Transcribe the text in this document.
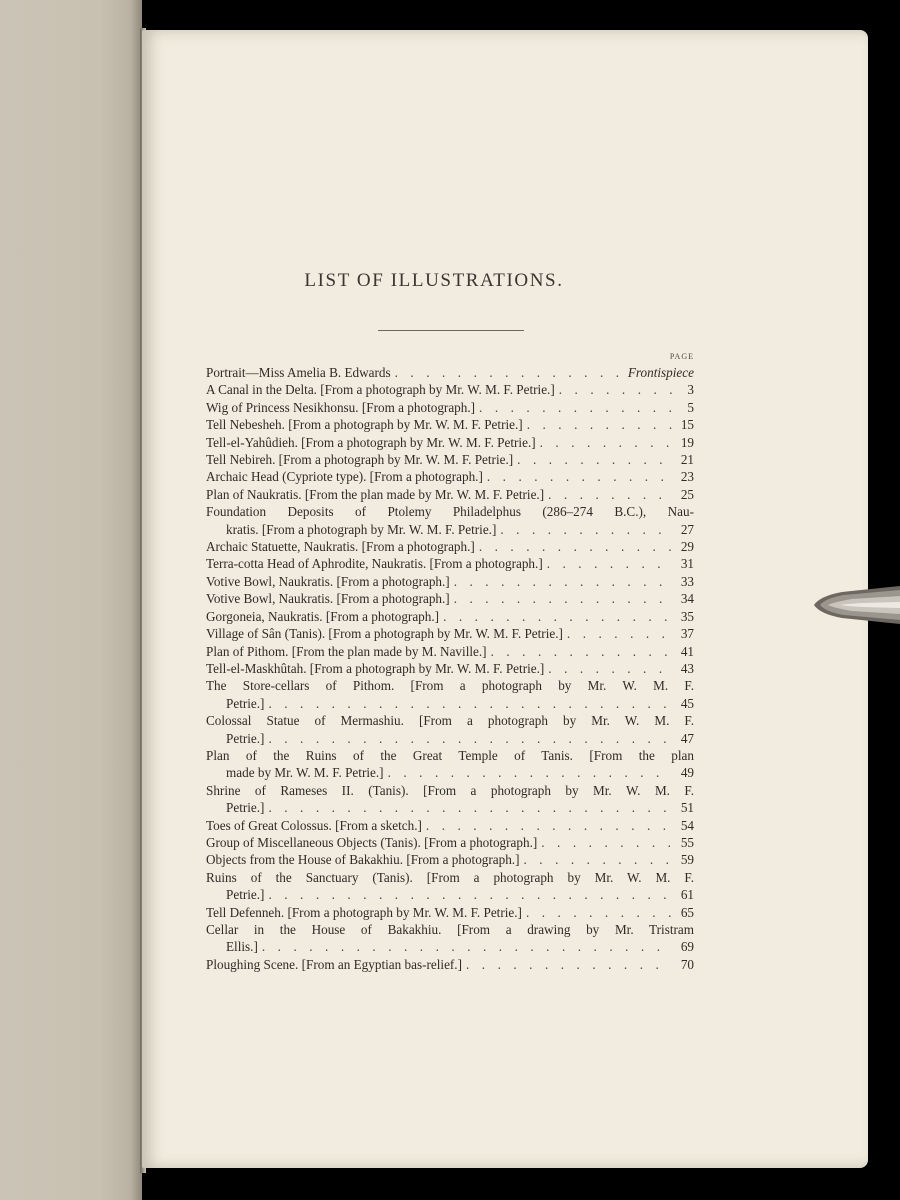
LIST OF ILLUSTRATIONS.
PAGE
Portrait—Miss Amelia B. Edwards . . .	Frontispiece
A Canal in the Delta. [From a photograph by Mr. W. M. F. Petrie.] . . .	3
Wig of Princess Nesikhonsu. [From a photograph.] . . .	5
Tell Nebesheh. [From a photograph by Mr. W. M. F. Petrie.] . . .	15
Tell-el-Yahûdieh. [From a photograph by Mr. W. M. F. Petrie.] . . .	19
Tell Nebireh. [From a photograph by Mr. W. M. F. Petrie.] . . .	21
Archaic Head (Cypriote type). [From a photograph.] . . .	23
Plan of Naukratis. [From the plan made by Mr. W. M. F. Petrie.] . . .	25
Foundation Deposits of Ptolemy Philadelphus (286–274 B.C.), Nau-
kratis. [From a photograph by Mr. W. M. F. Petrie.] . . .	27
Archaic Statuette, Naukratis. [From a photograph.] . . .	29
Terra-cotta Head of Aphrodite, Naukratis. [From a photograph.] . . .	31
Votive Bowl, Naukratis. [From a photograph.] . . .	33
Votive Bowl, Naukratis. [From a photograph.] . . .	34
Gorgoneia, Naukratis. [From a photograph.] . . .	35
Village of Sân (Tanis). [From a photograph by Mr. W. M. F. Petrie.] . . .	37
Plan of Pithom. [From the plan made by M. Naville.] . . .	41
Tell-el-Maskhûtah. [From a photograph by Mr. W. M. F. Petrie.] . . .	43
The Store-cellars of Pithom. [From a photograph by Mr. W. M. F.
Petrie.] . . .	45
Colossal Statue of Mermashiu. [From a photograph by Mr. W. M. F.
Petrie.] . . .	47
Plan of the Ruins of the Great Temple of Tanis. [From the plan
made by Mr. W. M. F. Petrie.] . . .	49
Shrine of Rameses II. (Tanis). [From a photograph by Mr. W. M. F.
Petrie.] . . .	51
Toes of Great Colossus. [From a sketch.] . . .	54
Group of Miscellaneous Objects (Tanis). [From a photograph.] . . .	55
Objects from the House of Bakakhiu. [From a photograph.] . . .	59
Ruins of the Sanctuary (Tanis). [From a photograph by Mr. W. M. F.
Petrie.] . . .	61
Tell Defenneh. [From a photograph by Mr. W. M. F. Petrie.] . . .	65
Cellar in the House of Bakakhiu. [From a drawing by Mr. Tristram
Ellis.] . . .	69
Ploughing Scene. [From an Egyptian bas-relief.] . . .	70
